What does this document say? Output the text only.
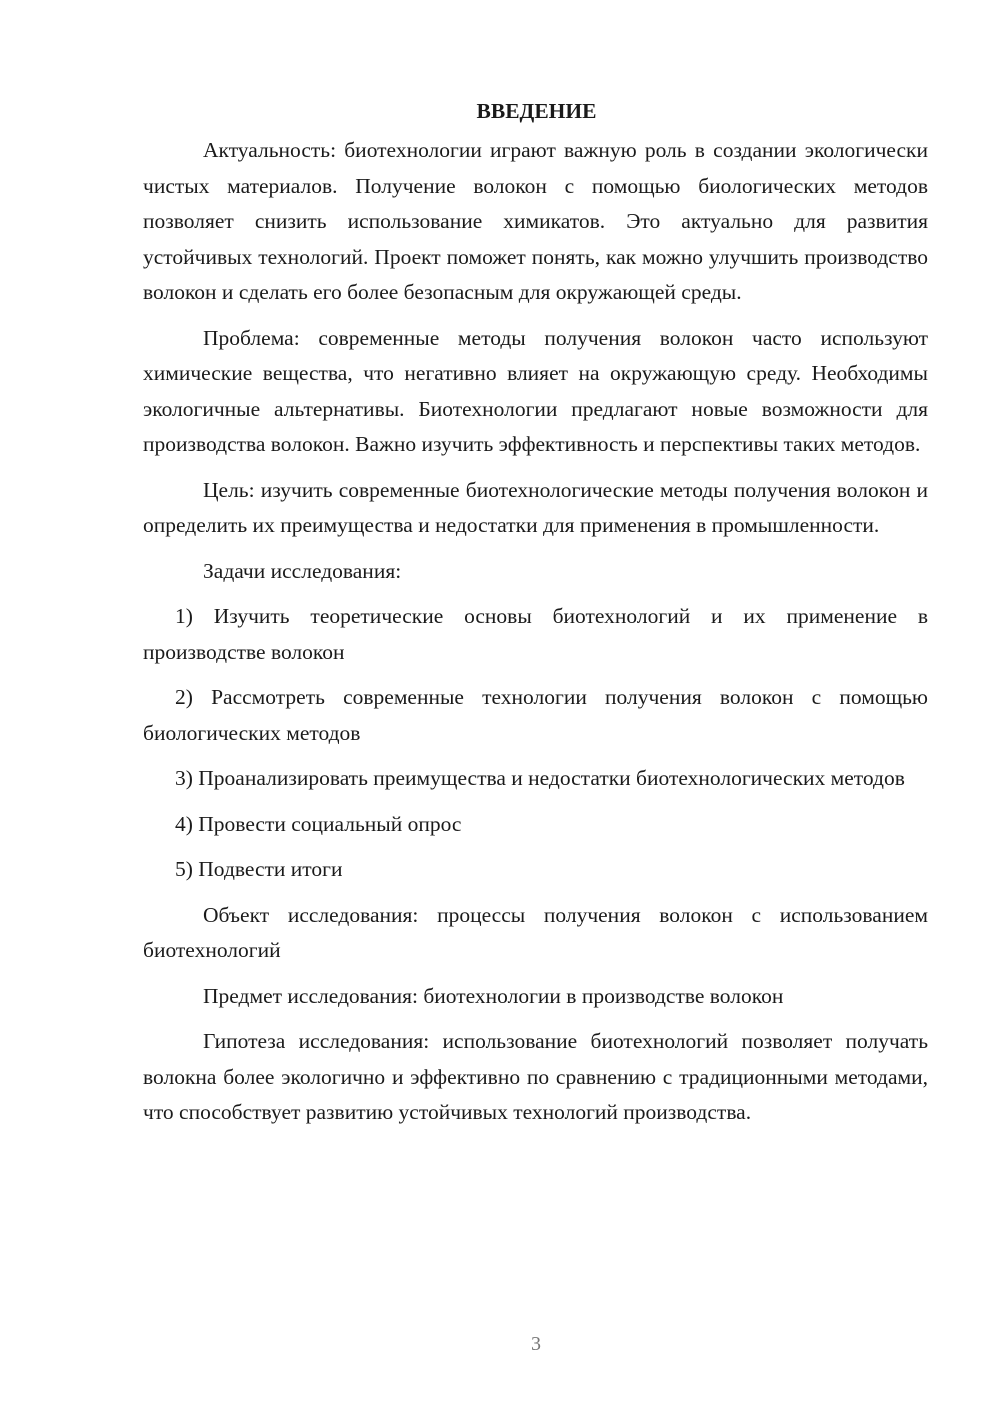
ВВЕДЕНИЕ

Актуальность: биотехнологии играют важную роль в создании экологически чистых материалов. Получение волокон с помощью биологических методов позволяет снизить использование химикатов. Это актуально для развития устойчивых технологий. Проект поможет понять, как можно улучшить производство волокон и сделать его более безопасным для окружающей среды.

Проблема: современные методы получения волокон часто используют химические вещества, что негативно влияет на окружающую среду. Необходимы экологичные альтернативы. Биотехнологии предлагают новые возможности для производства волокон. Важно изучить эффективность и перспективы таких методов.

Цель: изучить современные биотехнологические методы получения волокон и определить их преимущества и недостатки для применения в промышленности.

Задачи исследования:

1) Изучить теоретические основы биотехнологий и их применение в производстве волокон

2) Рассмотреть современные технологии получения волокон с помощью биологических методов

3) Проанализировать преимущества и недостатки биотехнологических методов

4) Провести социальный опрос

5) Подвести итоги

Объект исследования: процессы получения волокон с использованием биотехнологий

Предмет исследования: биотехнологии в производстве волокон

Гипотеза исследования: использование биотехнологий позволяет получать волокна более экологично и эффективно по сравнению с традиционными методами, что способствует развитию устойчивых технологий производства.

3
